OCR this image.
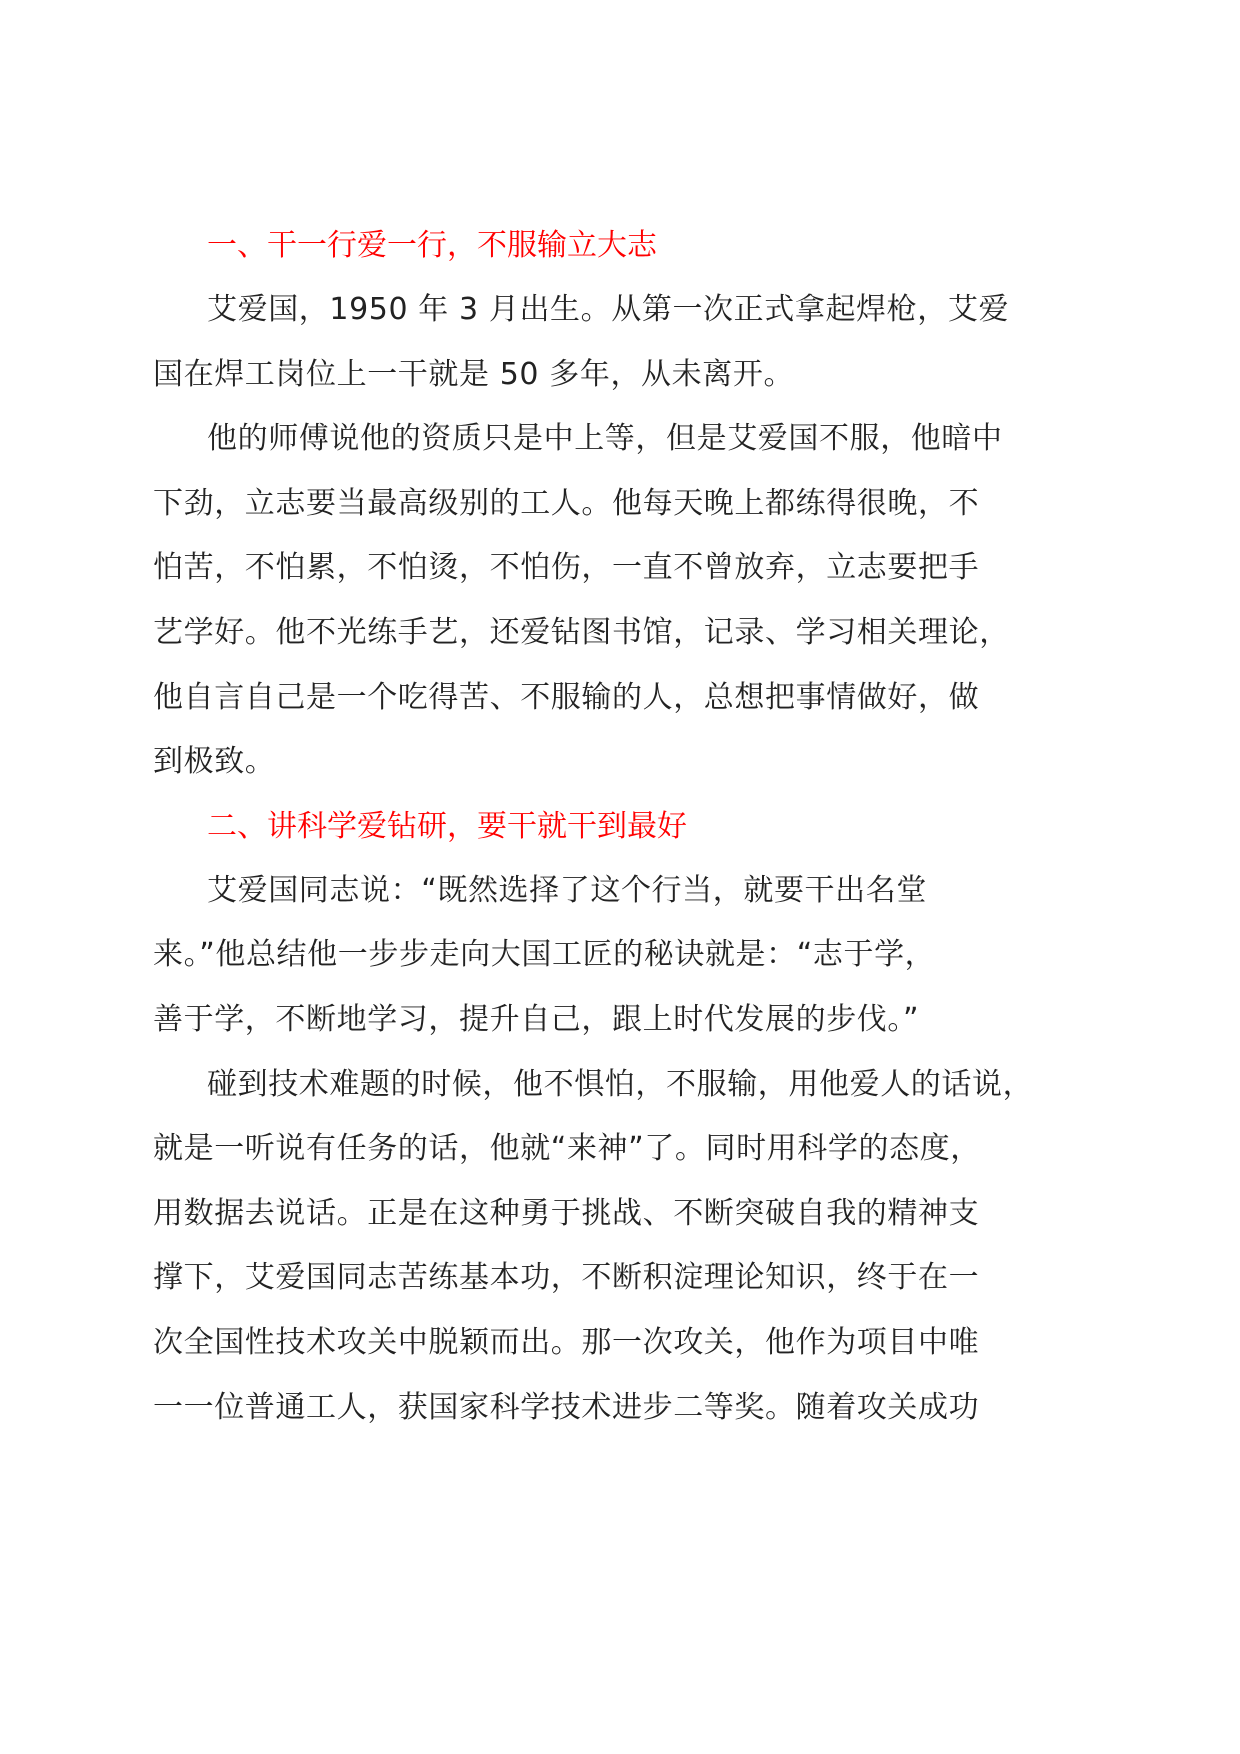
一、干一行爱一行，不服输立大志

艾爱国，1950 年 3 月出生。从第一次正式拿起焊枪，艾爱
国在焊工岗位上一干就是 50 多年，从未离开。

他的师傅说他的资质只是中上等，但是艾爱国不服，他暗中
下劲，立志要当最高级别的工人。他每天晚上都练得很晚，不
怕苦，不怕累，不怕烫，不怕伤，一直不曾放弃，立志要把手
艺学好。他不光练手艺，还爱钻图书馆，记录、学习相关理论，
他自言自己是一个吃得苦、不服输的人，总想把事情做好，做
到极致。

二、讲科学爱钻研，要干就干到最好

艾爱国同志说：“既然选择了这个行当，就要干出名堂
来。”他总结他一步步走向大国工匠的秘诀就是：“志于学，
善于学，不断地学习，提升自己，跟上时代发展的步伐。”

碰到技术难题的时候，他不惧怕，不服输，用他爱人的话说，
就是一听说有任务的话，他就“来神”了。同时用科学的态度，
用数据去说话。正是在这种勇于挑战、不断突破自我的精神支
撑下，艾爱国同志苦练基本功，不断积淀理论知识，终于在一
次全国性技术攻关中脱颖而出。那一次攻关，他作为项目中唯
一一位普通工人，获国家科学技术进步二等奖。随着攻关成功
